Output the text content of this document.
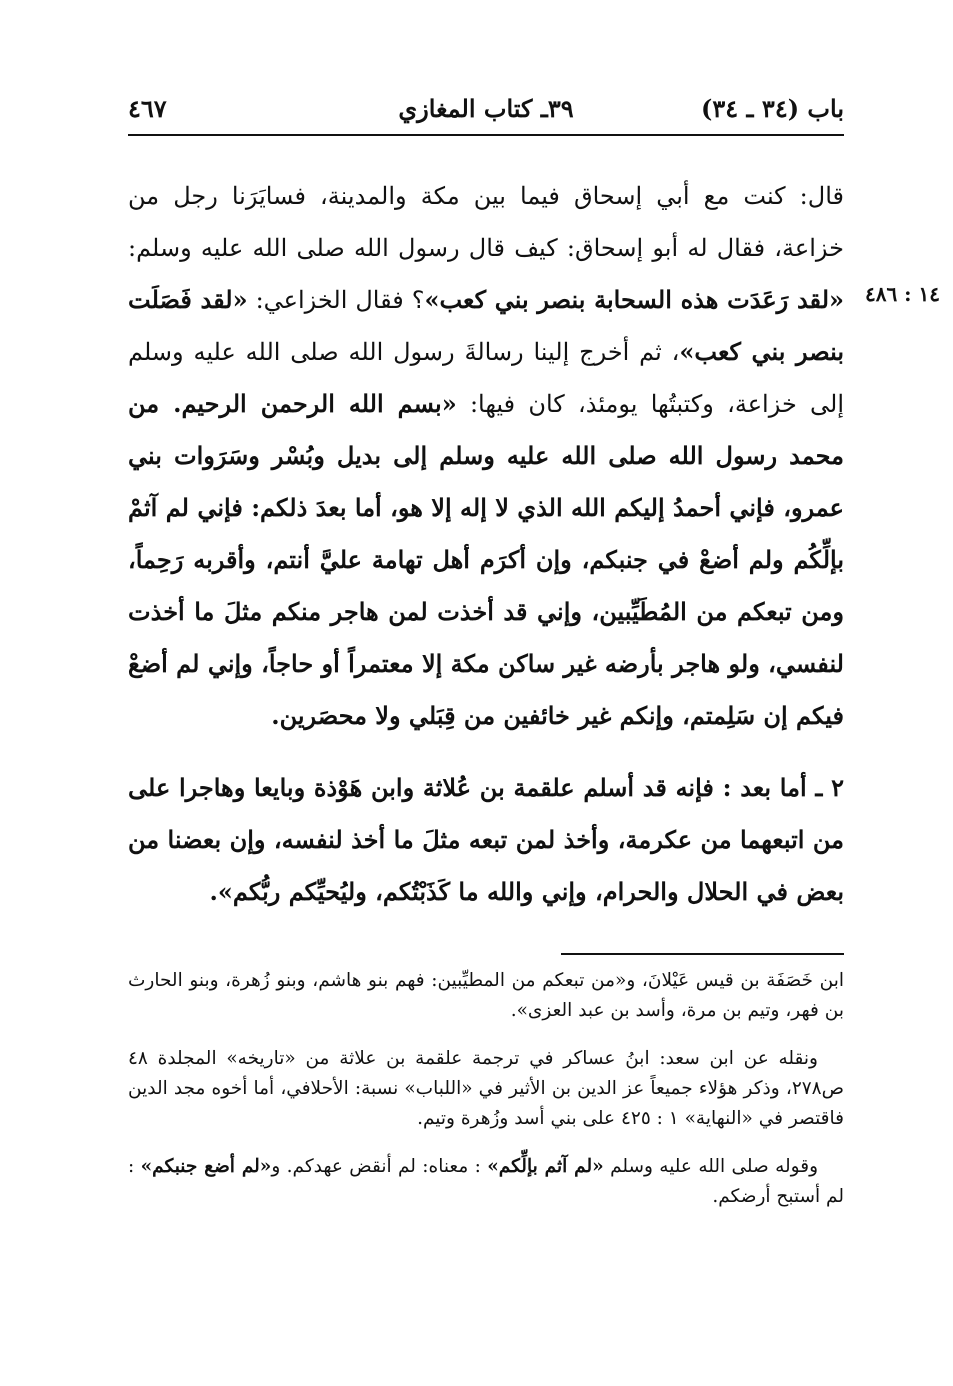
باب (٣٤ ـ ٣٤)
٣٩ـ كتاب المغازي
٤٦٧
١٤ : ٤٨٦

قال: كنت مع أبي إسحاق فيما بين مكة والمدينة، فسايَرَنا رجل من خزاعة، فقال له أبو إسحاق: كيف قال رسول الله صلى الله عليه وسلم: «لقد رَعَدَت هذه السحابة بنصر بني كعب»؟ فقال الخزاعي: «لقد فَصَلَت بنصر بني كعب»، ثم أخرج إلينا رسالةَ رسول الله صلى الله عليه وسلم إلى خزاعة، وكتبتُها يومئذ، كان فيها: «بسم الله الرحمن الرحيم. من محمد رسول الله صلى الله عليه وسلم إلى بديل وبُسْر وسَرَوات بني عمرو، فإني أحمدُ إليكم الله الذي لا إله إلا هو، أما بعدَ ذلكم: فإني لم آثمْ بإلِّكُم ولم أضعْ في جنبكم، وإن أكرَم أهل تهامة عليَّ أنتم، وأقربه رَحِماً، ومن تبعكم من المُطَيِّبين، وإني قد أخذت لمن هاجر منكم مثلَ ما أخذت لنفسي، ولو هاجر بأرضه غير ساكن مكة إلا معتمراً أو حاجاً، وإني لم أضعْ فيكم إن سَلِمتم، وإنكم غير خائفين من قِبَلي ولا محصَرين.

٢ ـ أما بعد : فإنه قد أسلم علقمة بن عُلاثة وابن هَوْذة وبايعا وهاجرا على من اتبعهما من عكرمة، وأخذ لمن تبعه مثلَ ما أخذ لنفسه، وإن بعضنا من بعض في الحلال والحرام، وإني والله ما كَذَبْتُكم، وليُحيِّكم ربُّكم».

ابن خَصَفَة بن قيس عَيْلانَ، و«من تبعكم من المطيِّبين: فهم بنو هاشم، وبنو زُهرة، وبنو الحارث بن فهر، وتيم بن مرة، وأسد بن عبد العزى».

ونقله عن ابن سعد: ابنُ عساكر في ترجمة علقمة بن علاثة من «تاريخه» المجلدة ٤٨ ص٢٧٨، وذكر هؤلاء جميعاً عز الدين بن الأثير في «اللباب» نسبة: الأحلافي، أما أخوه مجد الدين فاقتصر في «النهاية» ١ : ٤٢٥ على بني أسد وزُهرة وتيم.

وقوله صلى الله عليه وسلم «لم آثم بإلِّكم» : معناه: لم أنقض عهدكم. و«لم أضع جنبكم» : لم أستبح أرضكم.
